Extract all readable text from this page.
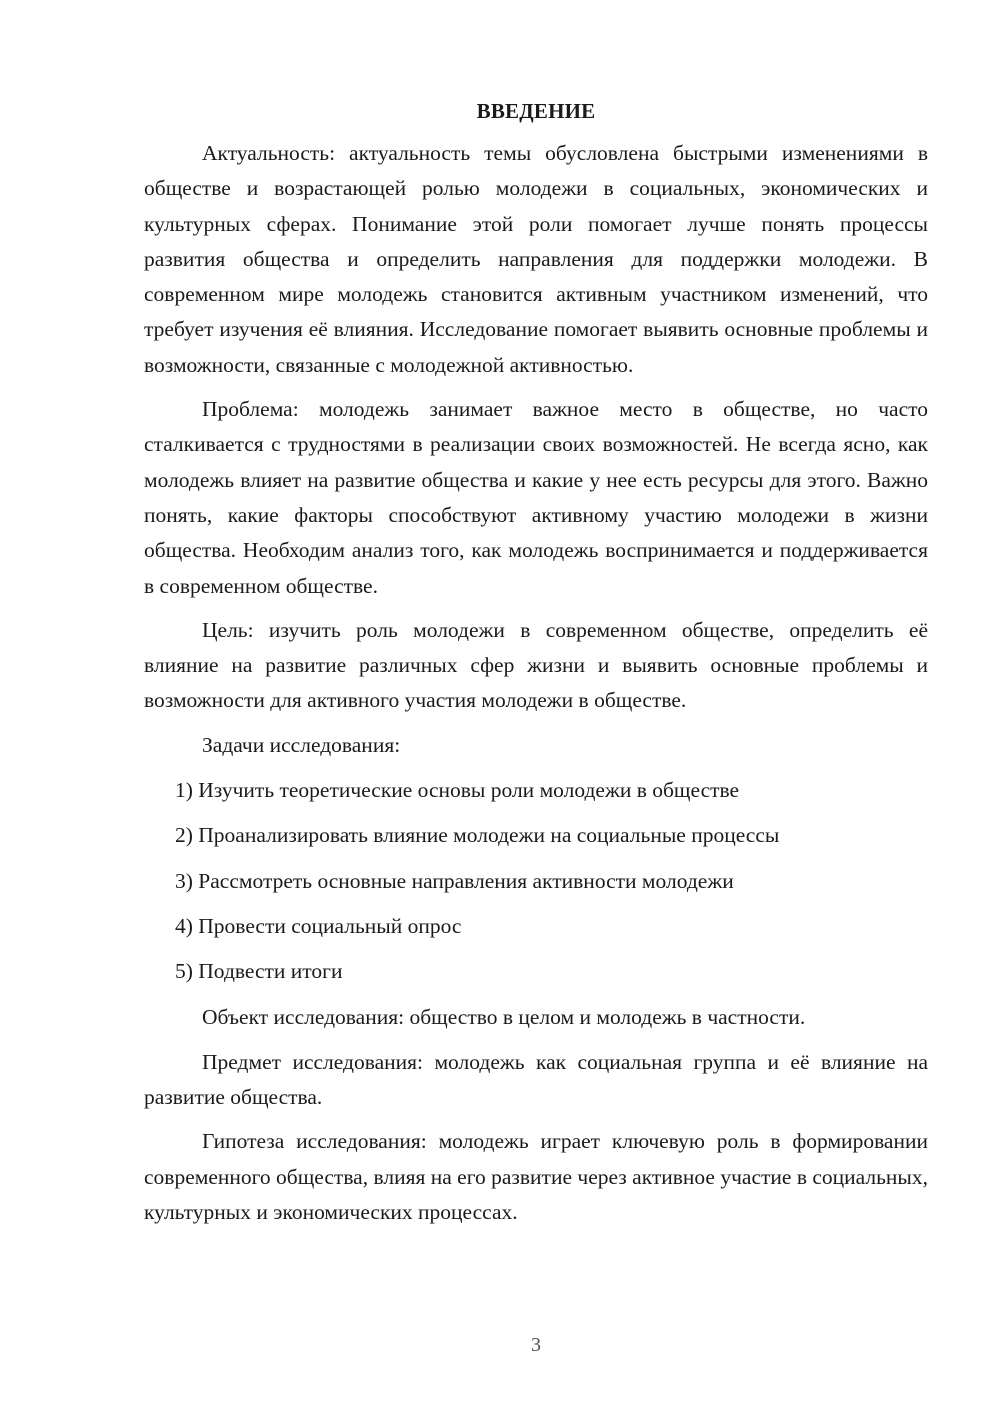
ВВЕДЕНИЕ

Актуальность: актуальность темы обусловлена быстрыми изменениями в обществе и возрастающей ролью молодежи в социальных, экономических и культурных сферах. Понимание этой роли помогает лучше понять процессы развития общества и определить направления для поддержки молодежи. В современном мире молодежь становится активным участником изменений, что требует изучения её влияния. Исследование помогает выявить основные проблемы и возможности, связанные с молодежной активностью.

Проблема: молодежь занимает важное место в обществе, но часто сталкивается с трудностями в реализации своих возможностей. Не всегда ясно, как молодежь влияет на развитие общества и какие у нее есть ресурсы для этого. Важно понять, какие факторы способствуют активному участию молодежи в жизни общества. Необходим анализ того, как молодежь воспринимается и поддерживается в современном обществе.

Цель: изучить роль молодежи в современном обществе, определить её влияние на развитие различных сфер жизни и выявить основные проблемы и возможности для активного участия молодежи в обществе.

Задачи исследования:

1) Изучить теоретические основы роли молодежи в обществе
2) Проанализировать влияние молодежи на социальные процессы
3) Рассмотреть основные направления активности молодежи
4) Провести социальный опрос
5) Подвести итоги

Объект исследования: общество в целом и молодежь в частности.

Предмет исследования: молодежь как социальная группа и её влияние на развитие общества.

Гипотеза исследования: молодежь играет ключевую роль в формировании современного общества, влияя на его развитие через активное участие в социальных, культурных и экономических процессах.

3
